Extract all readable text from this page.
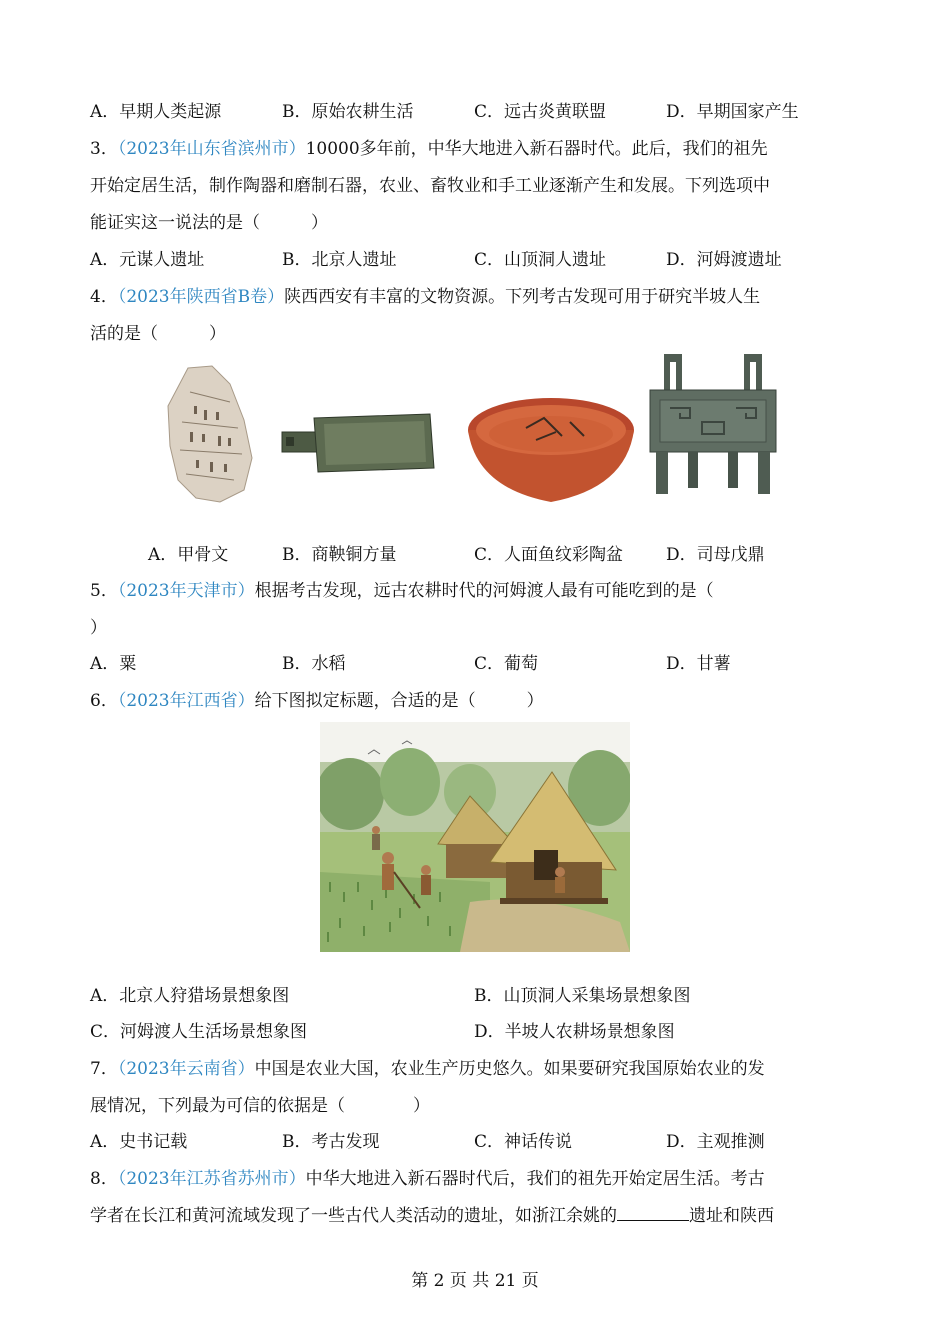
A．早期人类起源	B．原始农耕生活	C．远古炎黄联盟	D．早期国家产生
3．（2023年山东省滨州市）10000多年前，中华大地进入新石器时代。此后，我们的祖先
开始定居生活，制作陶器和磨制石器，农业、畜牧业和手工业逐渐产生和发展。下列选项中
能证实这一说法的是（　　　）
A．元谋人遗址	B．北京人遗址	C．山顶洞人遗址	D．河姆渡遗址
4．（2023年陕西省B卷）陕西西安有丰富的文物资源。下列考古发现可用于研究半坡人生
活的是（　　　）
A．甲骨文	B．商鞅铜方量	C．人面鱼纹彩陶盆	D．司母戊鼎
5．（2023年天津市）根据考古发现，远古农耕时代的河姆渡人最有可能吃到的是（
）
A．粟	B．水稻	C．葡萄	D．甘薯
6．（2023年江西省）给下图拟定标题，合适的是（　　　）
A．北京人狩猎场景想象图	B．山顶洞人采集场景想象图
C．河姆渡人生活场景想象图	D．半坡人农耕场景想象图
7．（2023年云南省）中国是农业大国，农业生产历史悠久。如果要研究我国原始农业的发
展情况，下列最为可信的依据是（　　　　）
A．史书记载	B．考古发现	C．神话传说	D．主观推测
8．（2023年江苏省苏州市）中华大地进入新石器时代后，我们的祖先开始定居生活。考古
学者在长江和黄河流域发现了一些古代人类活动的遗址，如浙江余姚的	遗址和陕西
第 2 页 共 21 页
